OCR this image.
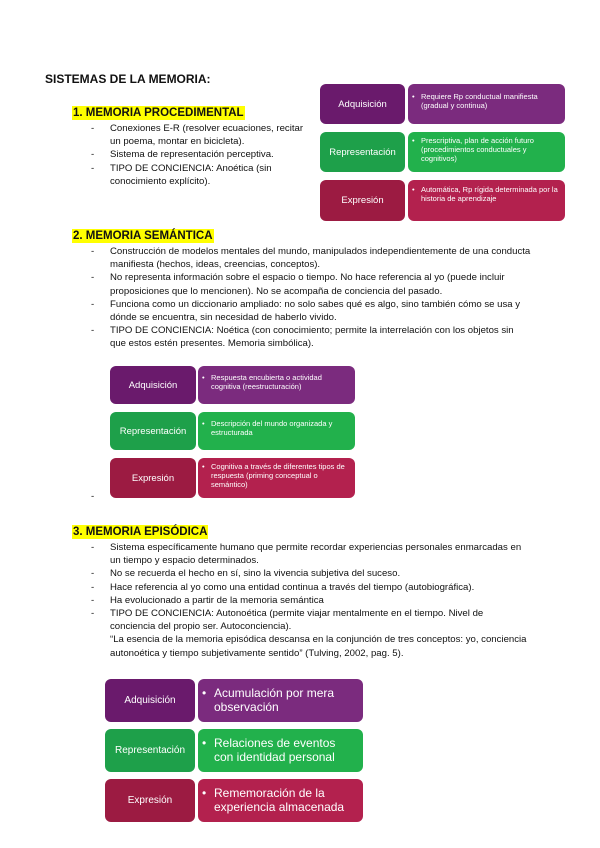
SISTEMAS DE LA MEMORIA:
1. MEMORIA PROCEDIMENTAL
- Conexiones E-R (resolver ecuaciones, recitar un poema, montar en bicicleta).
- Sistema de representación perceptiva.
- TIPO DE CONCIENCIA: Anoética (sin conocimiento explícito).
Adquisición
• Requiere Rp conductual manifiesta (gradual y continua)
Representación
• Prescriptiva, plan de acción futuro (procedimientos conductuales y cognitivos)
Expresión
• Automática, Rp rígida determinada por la historia de aprendizaje
2. MEMORIA SEMÁNTICA
- Construcción de modelos mentales del mundo, manipulados independientemente de una conducta manifiesta (hechos, ideas, creencias, conceptos).
- No representa información sobre el espacio o tiempo. No hace referencia al yo (puede incluir proposiciones que lo mencionen). No se acompaña de conciencia del pasado.
- Funciona como un diccionario ampliado: no solo sabes qué es algo, sino también cómo se usa y dónde se encuentra, sin necesidad de haberlo vivido.
- TIPO DE CONCIENCIA: Noética (con conocimiento; permite la interrelación con los objetos sin que estos estén presentes. Memoria simbólica).
Adquisición
• Respuesta encubierta o actividad cognitiva (reestructuración)
Representación
• Descripción del mundo organizada y estructurada
Expresión
• Cognitiva a través de diferentes tipos de respuesta (priming conceptual o semántico)
3. MEMORIA EPISÓDICA
- Sistema específicamente humano que permite recordar experiencias personales enmarcadas en un tiempo y espacio determinados.
- No se recuerda el hecho en sí, sino la vivencia subjetiva del suceso.
- Hace referencia al yo como una entidad continua a través del tiempo (autobiográfica).
- Ha evolucionado a partir de la memoria semántica
- TIPO DE CONCIENCIA: Autonoética (permite viajar mentalmente en el tiempo. Nivel de conciencia del propio ser. Autoconciencia).
“La esencia de la memoria episódica descansa en la conjunción de tres conceptos: yo, conciencia autonoética y tiempo subjetivamente sentido” (Tulving, 2002, pag. 5).
Adquisición
• Acumulación por mera observación
Representación
• Relaciones de eventos con identidad personal
Expresión
• Rememoración de la experiencia almacenada
